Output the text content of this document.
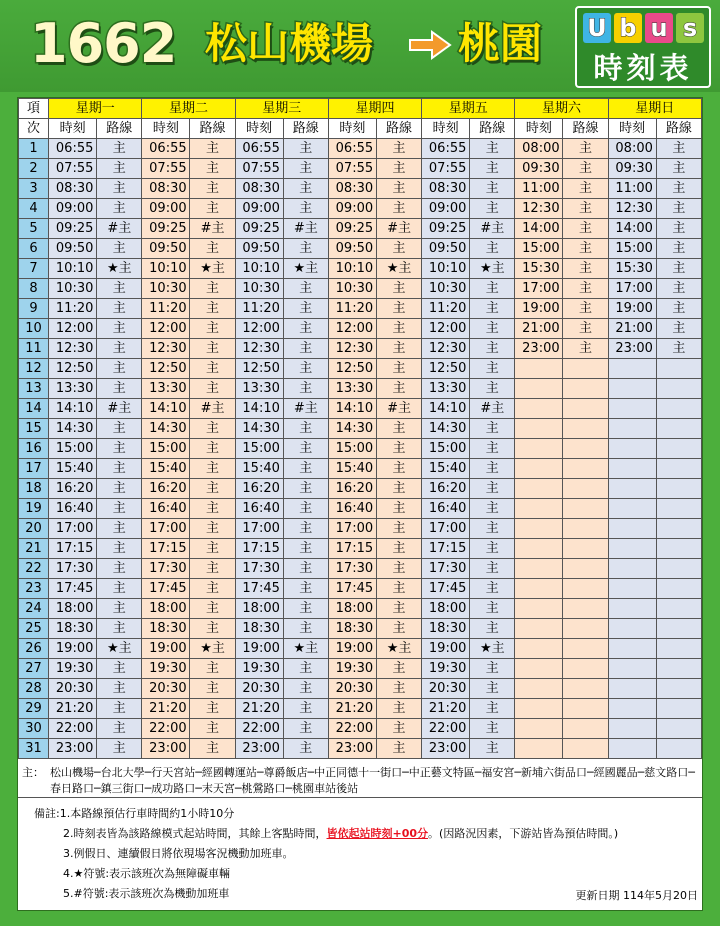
1662 松山機場	桃園	U b u s
時刻表
項	星期一		星期二		星期三		星期四		星期五		星期六		星期日	
次	時刻	路線	時刻	路線	時刻	路線	時刻	路線	時刻	路線	時刻	路線	時刻	路線
1	06:55	主	06:55	主	06:55	主	06:55	主	06:55	主	08:00	主	08:00	主
2	07:55	主	07:55	主	07:55	主	07:55	主	07:55	主	09:30	主	09:30	主
3	08:30	主	08:30	主	08:30	主	08:30	主	08:30	主	11:00	主	11:00	主
4	09:00	主	09:00	主	09:00	主	09:00	主	09:00	主	12:30	主	12:30	主
5	09:25	#主	09:25	#主	09:25	#主	09:25	#主	09:25	#主	14:00	主	14:00	主
6	09:50	主	09:50	主	09:50	主	09:50	主	09:50	主	15:00	主	15:00	主
7	10:10	★主	10:10	★主	10:10	★主	10:10	★主	10:10	★主	15:30	主	15:30	主
8	10:30	主	10:30	主	10:30	主	10:30	主	10:30	主	17:00	主	17:00	主
9	11:20	主	11:20	主	11:20	主	11:20	主	11:20	主	19:00	主	19:00	主
10	12:00	主	12:00	主	12:00	主	12:00	主	12:00	主	21:00	主	21:00	主
11	12:30	主	12:30	主	12:30	主	12:30	主	12:30	主	23:00	主	23:00	主
12	12:50	主	12:50	主	12:50	主	12:50	主	12:50	主				
13	13:30	主	13:30	主	13:30	主	13:30	主	13:30	主				
14	14:10	#主	14:10	#主	14:10	#主	14:10	#主	14:10	#主				
15	14:30	主	14:30	主	14:30	主	14:30	主	14:30	主				
16	15:00	主	15:00	主	15:00	主	15:00	主	15:00	主				
17	15:40	主	15:40	主	15:40	主	15:40	主	15:40	主				
18	16:20	主	16:20	主	16:20	主	16:20	主	16:20	主				
19	16:40	主	16:40	主	16:40	主	16:40	主	16:40	主				
20	17:00	主	17:00	主	17:00	主	17:00	主	17:00	主				
21	17:15	主	17:15	主	17:15	主	17:15	主	17:15	主				
22	17:30	主	17:30	主	17:30	主	17:30	主	17:30	主				
23	17:45	主	17:45	主	17:45	主	17:45	主	17:45	主				
24	18:00	主	18:00	主	18:00	主	18:00	主	18:00	主				
25	18:30	主	18:30	主	18:30	主	18:30	主	18:30	主				
26	19:00	★主	19:00	★主	19:00	★主	19:00	★主	19:00	★主				
27	19:30	主	19:30	主	19:30	主	19:30	主	19:30	主				
28	20:30	主	20:30	主	20:30	主	20:30	主	20:30	主				
29	21:20	主	21:20	主	21:20	主	21:20	主	21:20	主				
30	22:00	主	22:00	主	22:00	主	22:00	主	22:00	主				
31	23:00	主	23:00	主	23:00	主	23:00	主	23:00	主				
主： 松山機場─台北大學─行天宮站─經國轉運站─尊爵飯店─中正同德十一街口─中正藝文特區─福安宮─新埔六街品口─經國麗品─慈文路口─春日路口─鎮三街口─成功路口─末天宮─桃鶯路口─桃園車站後站
備註:1.本路線預估行車時間約1小時10分
2.時刻表皆為該路線模式起站時間，其餘上客點時間，皆依起站時刻+00分。(因路況因素，下游站皆為預估時間。)
3.例假日、連續假日將依現場客況機動加班車。
4.★符號:表示該班次為無障礙車輛
5.#符號:表示該班次為機動加班車	更新日期 114年5月20日
